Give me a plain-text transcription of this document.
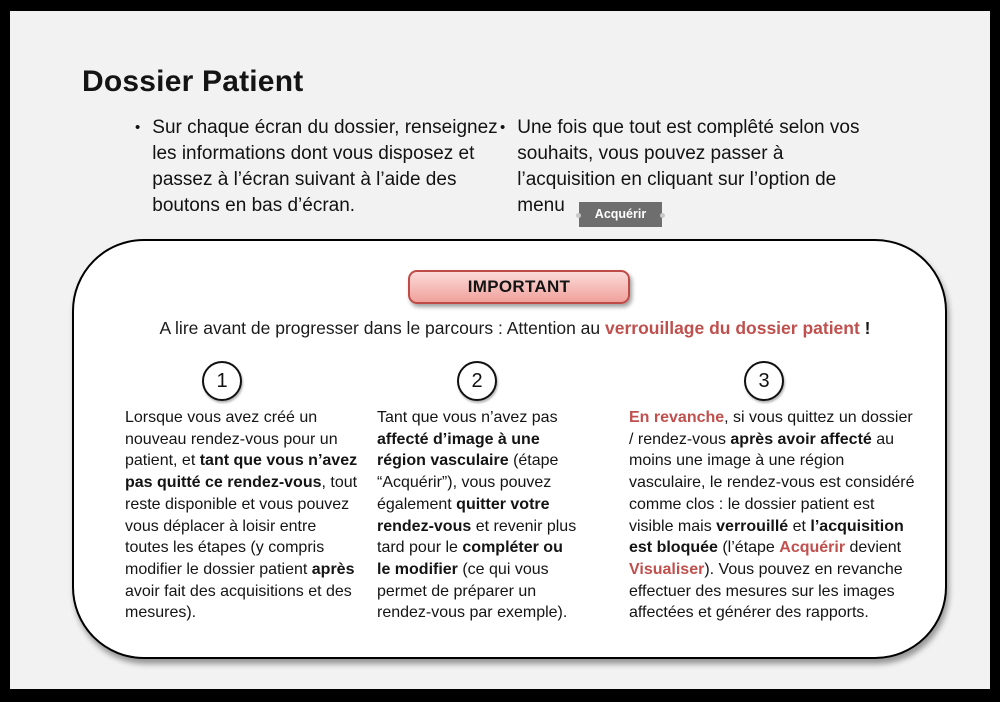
Dossier Patient
• Sur chaque écran du dossier, renseignez les informations dont vous disposez et passez à l’écran suivant à l’aide des boutons en bas d’écran.
• Une fois que tout est complêté selon vos souhaits, vous pouvez passer à l’acquisition en cliquant sur l’option de menu Acquérir
IMPORTANT
A lire avant de progresser dans le parcours : Attention au verrouillage du dossier patient !
1	2	3
Lorsque vous avez créé un nouveau rendez-vous pour un patient, et tant que vous n’avez pas quitté ce rendez-vous, tout reste disponible et vous pouvez vous déplacer à loisir entre toutes les étapes (y compris modifier le dossier patient après avoir fait des acquisitions et des mesures).
Tant que vous n’avez pas affecté d’image à une région vasculaire (étape “Acquérir”), vous pouvez également quitter votre rendez-vous et revenir plus tard pour le compléter ou le modifier (ce qui vous permet de préparer un rendez-vous par exemple).
En revanche, si vous quittez un dossier / rendez-vous après avoir affecté au moins une image à une région vasculaire, le rendez-vous est considéré comme clos : le dossier patient est visible mais verrouillé et l’acquisition est bloquée (l’étape Acquérir devient Visualiser). Vous pouvez en revanche effectuer des mesures sur les images affectées et générer des rapports.
